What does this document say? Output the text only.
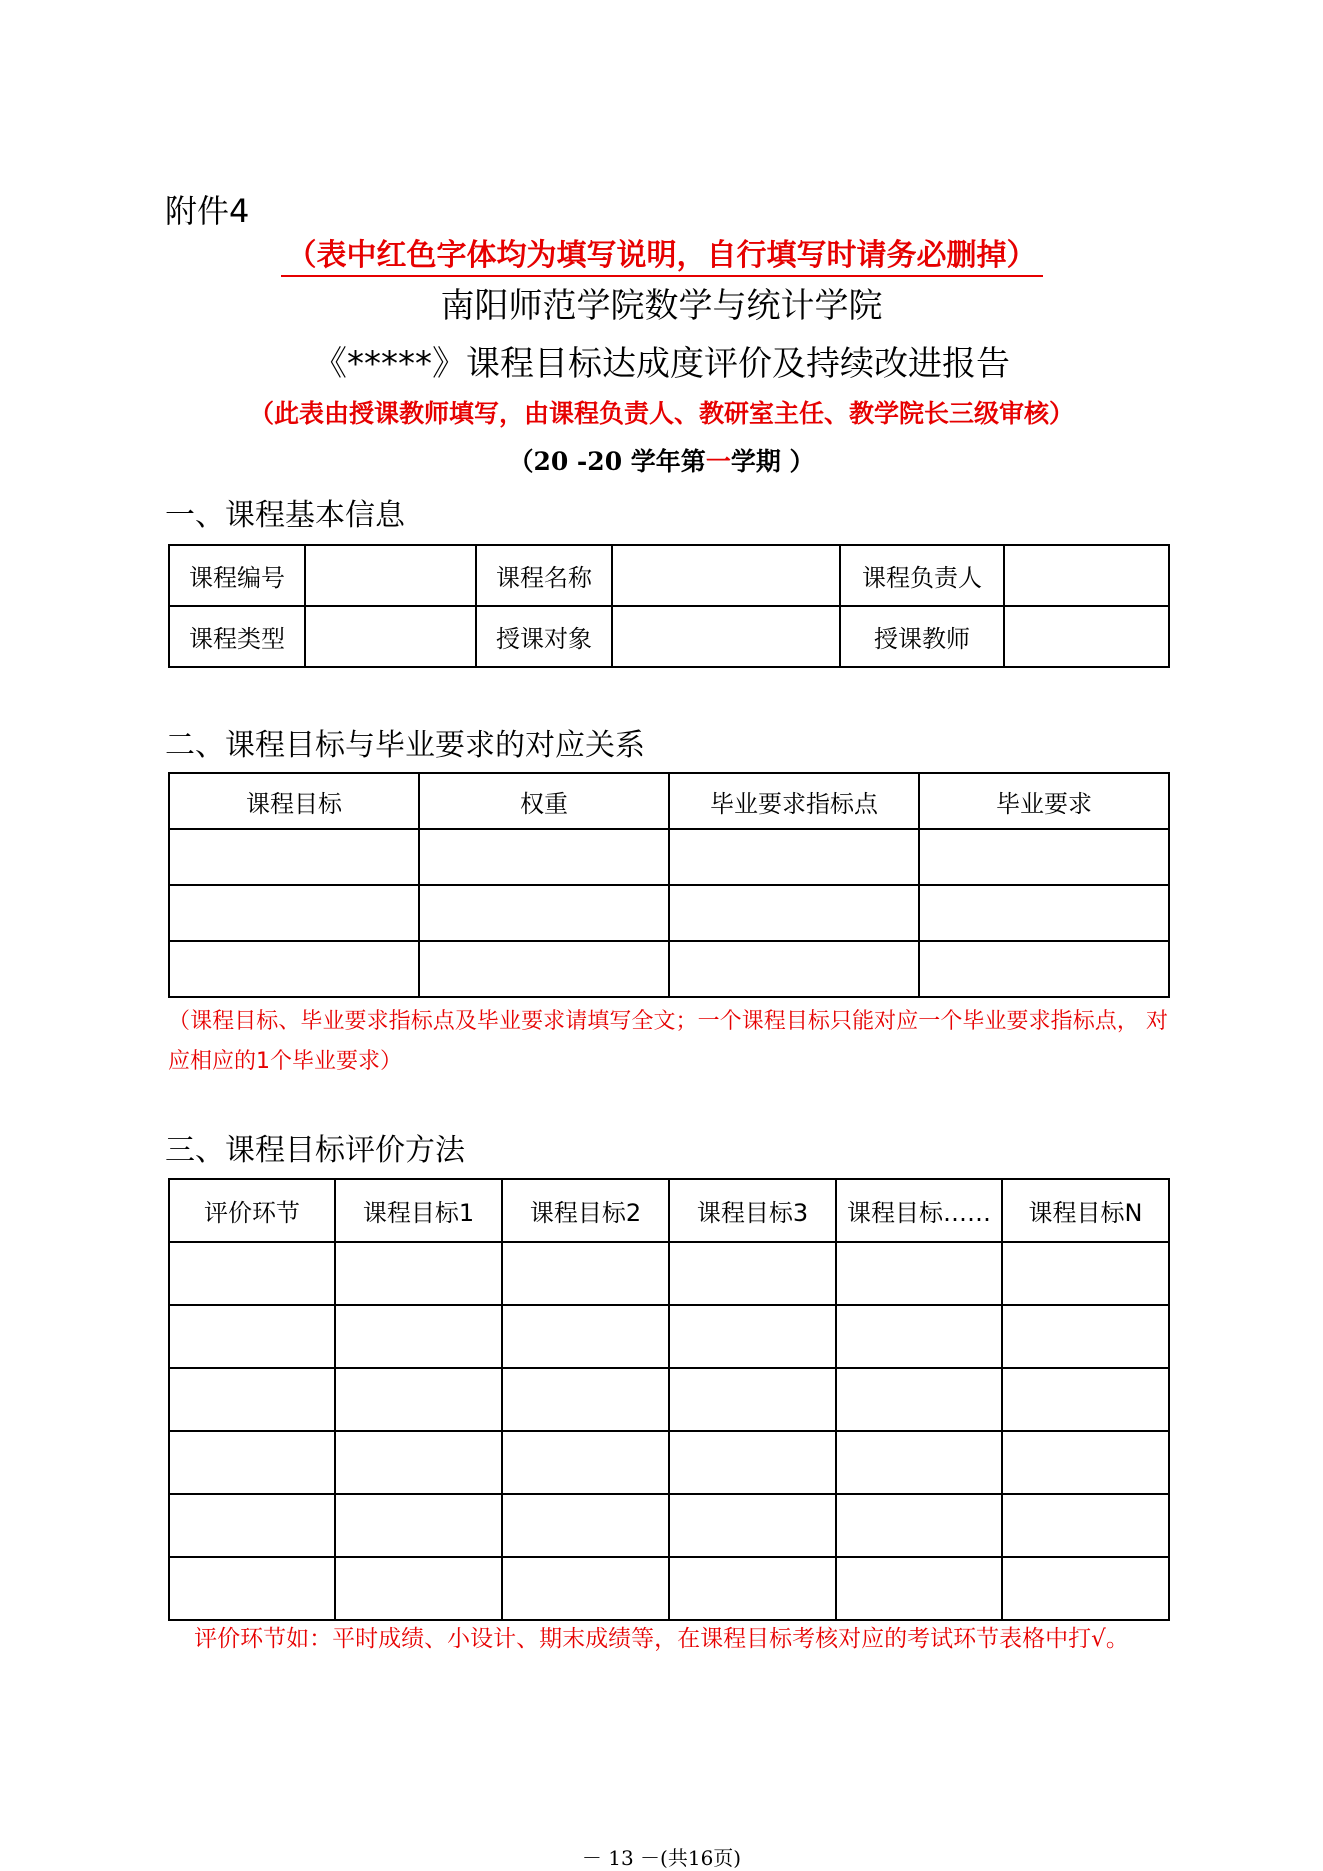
附件4
（表中红色字体均为填写说明，自行填写时请务必删掉）
南阳师范学院数学与统计学院
《*****》课程目标达成度评价及持续改进报告
（此表由授课教师填写，由课程负责人、教研室主任、教学院长三级审核）
（20 -20 学年第一学期 ）
一、课程基本信息
课程编号		课程名称		课程负责人	
课程类型		授课对象		授课教师	
二、课程目标与毕业要求的对应关系
课程目标	权重	毕业要求指标点	毕业要求

（课程目标、毕业要求指标点及毕业要求请填写全文；一个课程目标只能对应一个毕业要求指标点， 对应相应的1个毕业要求）
三、课程目标评价方法
评价环节	课程目标1	课程目标2	课程目标3	课程目标……	课程目标N

评价环节如：平时成绩、小设计、期末成绩等，在课程目标考核对应的考试环节表格中打√。
－ 13 －(共16页)
